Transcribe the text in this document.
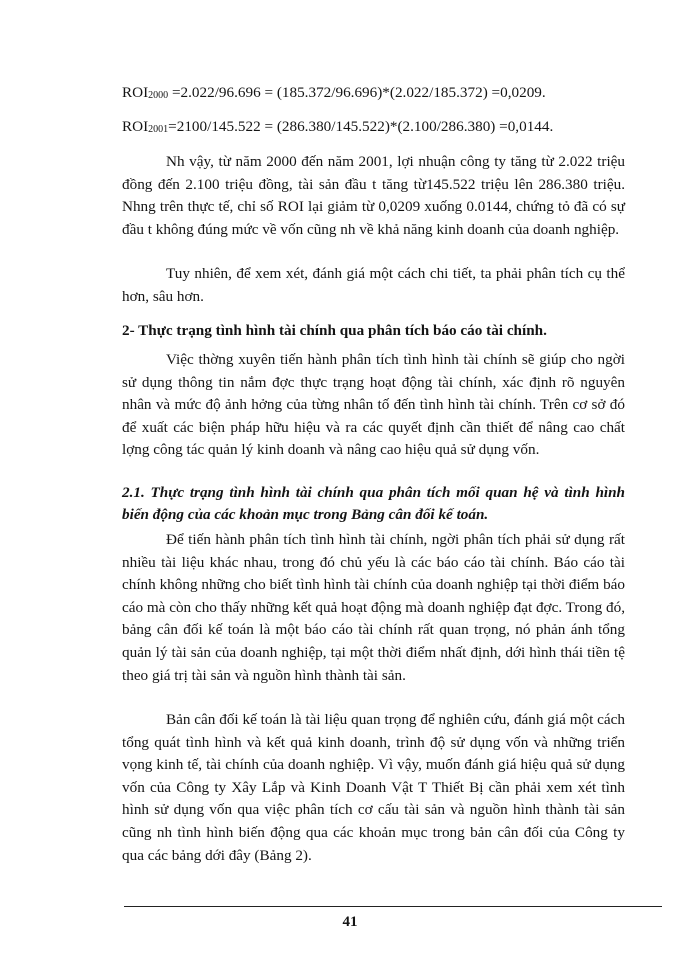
ROI2000 =2.022/96.696 = (185.372/96.696)*(2.022/185.372) =0,0209.
ROI2001=2100/145.522 = (286.380/145.522)*(2.100/286.380) =0,0144.

Nh vậy, từ năm 2000 đến năm 2001, lợi nhuận công ty tăng từ 2.022 triệu đồng đến 2.100 triệu đồng, tài sản đầu t tăng từ145.522 triệu lên 286.380 triệu. Nhng trên thực tế, chỉ số ROI lại giảm từ 0,0209 xuống 0.0144, chứng tỏ đã có sự đầu t không đúng mức về vốn cũng nh về khả năng kinh doanh của doanh nghiệp.

Tuy nhiên, để xem xét, đánh giá một cách chi tiết, ta phải phân tích cụ thể hơn, sâu hơn.

2- Thực trạng tình hình tài chính qua phân tích báo cáo tài chính.

Việc thờng xuyên tiến hành phân tích tình hình tài chính sẽ giúp cho ngời sử dụng thông tin nắm đợc thực trạng hoạt động tài chính, xác định rõ nguyên nhân và mức độ ảnh hởng của từng nhân tố đến tình hình tài chính. Trên cơ sở đó để xuất các biện pháp hữu hiệu và ra các quyết định cần thiết để nâng cao chất lợng công tác quản lý kinh doanh và nâng cao hiệu quả sử dụng vốn.

2.1. Thực trạng tình hình tài chính qua phân tích mối quan hệ và tình hình biến động của các khoản mục trong Bảng cân đối kế toán.

Để tiến hành phân tích tình hình tài chính, ngời phân tích phải sử dụng rất nhiều tài liệu khác nhau, trong đó chủ yếu là các báo cáo tài chính. Báo cáo tài chính không những cho biết tình hình tài chính của doanh nghiệp tại thời điểm báo cáo mà còn cho thấy những kết quả hoạt động mà doanh nghiệp đạt đợc. Trong đó, bảng cân đối kế toán là một báo cáo tài chính rất quan trọng, nó phản ánh tổng quản lý tài sản của doanh nghiệp, tại một thời điểm nhất định, dới hình thái tiền tệ theo giá trị tài sản và nguồn hình thành tài sản.

Bản cân đối kế toán là tài liệu quan trọng để nghiên cứu, đánh giá một cách tổng quát tình hình và kết quả kinh doanh, trình độ sử dụng vốn và những triển vọng kinh tế, tài chính của doanh nghiệp. Vì vậy, muốn đánh giá hiệu quả sử dụng vốn của Công ty Xây Lắp và Kinh Doanh Vật T Thiết Bị cần phải xem xét tình hình sử dụng vốn qua việc phân tích cơ cấu tài sản và nguồn hình thành tài sản cũng nh tình hình biến động qua các khoản mục trong bản cân đối của Công ty qua các bảng dới đây (Bảng 2).

41
